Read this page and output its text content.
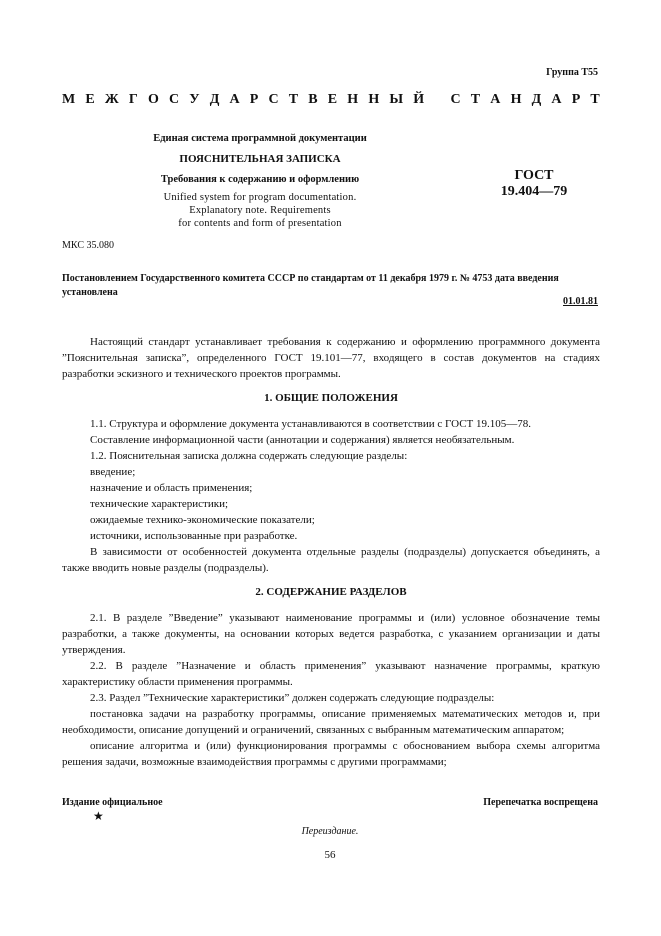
Группа Т55
М Е Ж Г О С У Д А Р С Т В Е Н Н Ы Й С Т А Н Д А Р Т
Единая система программной документации
ПОЯСНИТЕЛЬНАЯ ЗАПИСКА
Требования к содержанию и оформлению
Unified system for program documentation.
Explanatory note. Requirements
for contents and form of presentation
ГОСТ
19.404—79
МКС 35.080
Постановлением Государственного комитета СССР по стандартам от 11 декабря 1979 г. № 4753 дата введения установлена
01.01.81

Настоящий стандарт устанавливает требования к содержанию и оформлению программного документа ”Пояснительная записка”, определенного ГОСТ 19.101—77, входящего в состав документов на стадиях разработки эскизного и технического проектов программы.

1. ОБЩИЕ ПОЛОЖЕНИЯ

1.1. Структура и оформление документа устанавливаются в соответствии с ГОСТ 19.105—78.

Составление информационной части (аннотации и содержания) является необязательным.

1.2. Пояснительная записка должна содержать следующие разделы:

введение;

назначение и область применения;

технические характеристики;

ожидаемые технико-экономические показатели;

источники, использованные при разработке.

В зависимости от особенностей документа отдельные разделы (подразделы) допускается объединять, а также вводить новые разделы (подразделы).

2. СОДЕРЖАНИЕ РАЗДЕЛОВ

2.1. В разделе ”Введение” указывают наименование программы и (или) условное обозначение темы разработки, а также документы, на основании которых ведется разработка, с указанием организации и даты утверждения.

2.2. В разделе ”Назначение и область применения” указывают назначение программы, краткую характеристику области применения программы.

2.3. Раздел ”Технические характеристики” должен содержать следующие подразделы:

постановка задачи на разработку программы, описание применяемых математических методов и, при необходимости, описание допущений и ограничений, связанных с выбранным математическим аппаратом;

описание алгоритма и (или) функционирования программы с обоснованием выбора схемы алгоритма решения задачи, возможные взаимодействия программы с другими программами;

Издание официальное	Перепечатка воспрещена
★
Переиздание.
56
